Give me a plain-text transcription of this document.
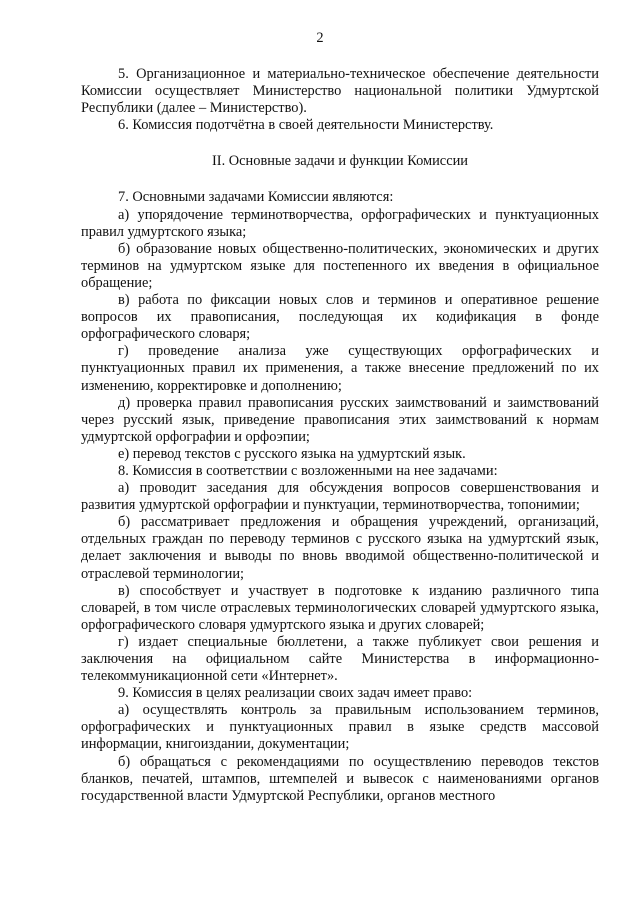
2

5. Организационное и материально-техническое обеспечение деятельности Комиссии осуществляет Министерство национальной политики Удмуртской Республики (далее – Министерство).

6. Комиссия подотчётна в своей деятельности Министерству.

II. Основные задачи и функции Комиссии

7. Основными задачами Комиссии являются:

а) упорядочение терминотворчества, орфографических и пунктуационных правил удмуртского языка;

б) образование новых общественно-политических, экономических и других терминов на удмуртском языке для постепенного их введения в официальное обращение;

в) работа по фиксации новых слов и терминов и оперативное решение вопросов их правописания, последующая их кодификация в фонде орфографического словаря;

г) проведение анализа уже существующих орфографических и пунктуационных правил их применения, а также внесение предложений по их изменению, корректировке и дополнению;

д) проверка правил правописания русских заимствований и заимствований через русский язык, приведение правописания этих заимствований к нормам удмуртской орфографии и орфоэпии;

е) перевод текстов с русского языка на удмуртский язык.

8. Комиссия в соответствии с возложенными на нее задачами:

а) проводит заседания для обсуждения вопросов совершенствования и развития удмуртской орфографии и пунктуации, терминотворчества, топонимии;

б) рассматривает предложения и обращения учреждений, организаций, отдельных граждан по переводу терминов с русского языка на удмуртский язык, делает заключения и выводы по вновь вводимой общественно-политической и отраслевой терминологии;

в) способствует и участвует в подготовке к изданию различного типа словарей, в том числе отраслевых терминологических словарей удмуртского языка, орфографического словаря удмуртского языка и других словарей;

г) издает специальные бюллетени, а также публикует свои решения и заключения на официальном сайте Министерства в информационно-телекоммуникационной сети «Интернет».

9. Комиссия в целях реализации своих задач имеет право:

а) осуществлять контроль за правильным использованием терминов, орфографических и пунктуационных правил в языке средств массовой информации, книгоиздании, документации;

б) обращаться с рекомендациями по осуществлению переводов текстов бланков, печатей, штампов, штемпелей и вывесок с наименованиями органов государственной власти Удмуртской Республики, органов местного
